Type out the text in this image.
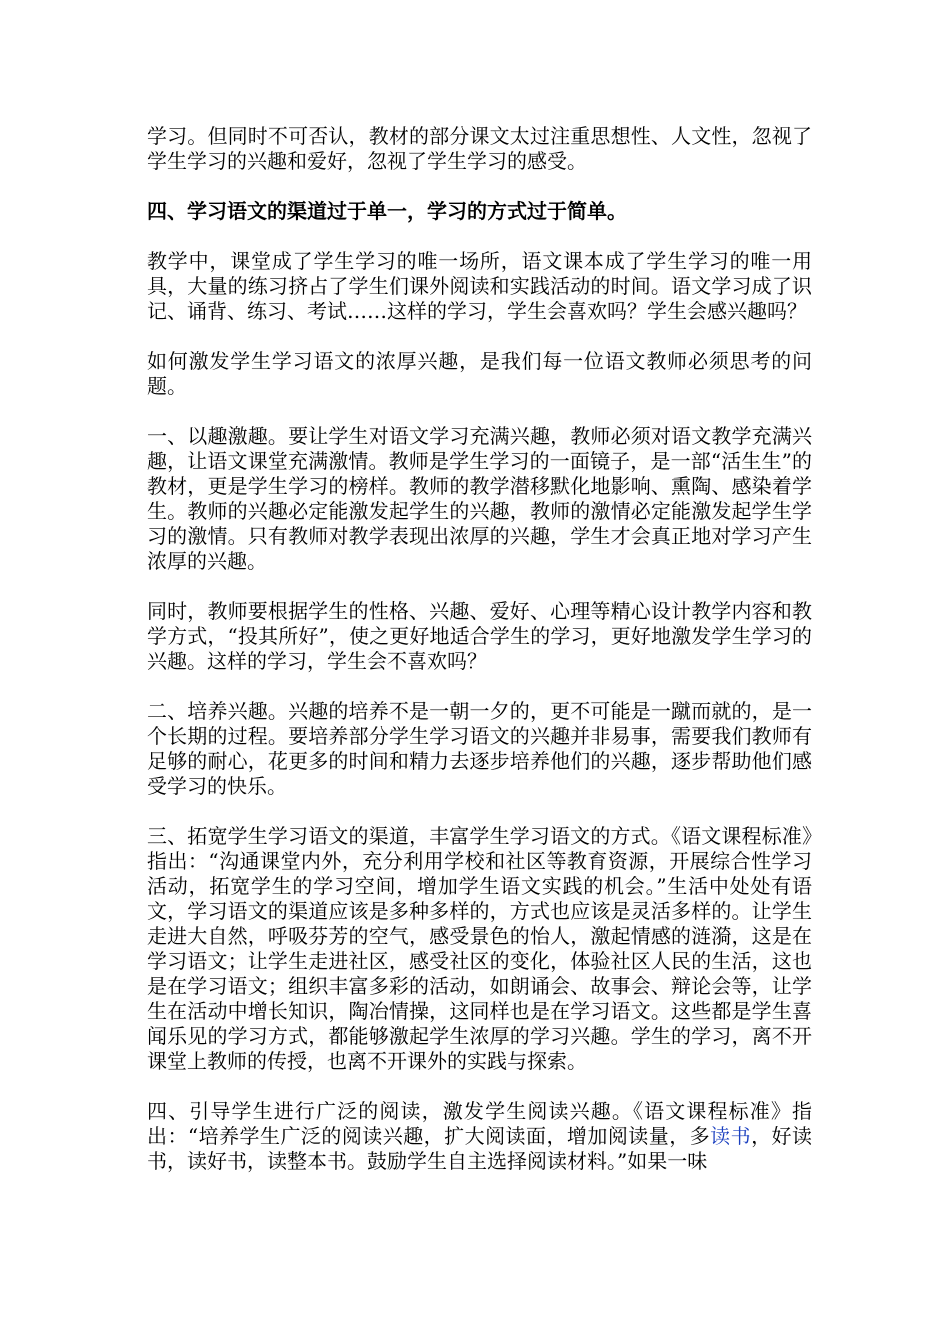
学习。但同时不可否认，教材的部分课文太过注重思想性、人文性，忽视了学生学习的兴趣和爱好，忽视了学生学习的感受。

四、学习语文的渠道过于单一，学习的方式过于简单。

教学中，课堂成了学生学习的唯一场所，语文课本成了学生学习的唯一用具，大量的练习挤占了学生们课外阅读和实践活动的时间。语文学习成了识记、诵背、练习、考试……这样的学习，学生会喜欢吗？学生会感兴趣吗？

如何激发学生学习语文的浓厚兴趣，是我们每一位语文教师必须思考的问题。

一、以趣激趣。要让学生对语文学习充满兴趣，教师必须对语文教学充满兴趣，让语文课堂充满激情。教师是学生学习的一面镜子，是一部“活生生”的教材，更是学生学习的榜样。教师的教学潜移默化地影响、熏陶、感染着学生。教师的兴趣必定能激发起学生的兴趣，教师的激情必定能激发起学生学习的激情。只有教师对教学表现出浓厚的兴趣，学生才会真正地对学习产生浓厚的兴趣。

同时，教师要根据学生的性格、兴趣、爱好、心理等精心设计教学内容和教学方式，“投其所好”，使之更好地适合学生的学习，更好地激发学生学习的兴趣。这样的学习，学生会不喜欢吗？

二、培养兴趣。兴趣的培养不是一朝一夕的，更不可能是一蹴而就的，是一个长期的过程。要培养部分学生学习语文的兴趣并非易事，需要我们教师有足够的耐心，花更多的时间和精力去逐步培养他们的兴趣，逐步帮助他们感受学习的快乐。

三、拓宽学生学习语文的渠道，丰富学生学习语文的方式。《语文课程标准》指出：“沟通课堂内外，充分利用学校和社区等教育资源，开展综合性学习活动，拓宽学生的学习空间，增加学生语文实践的机会。”生活中处处有语文，学习语文的渠道应该是多种多样的，方式也应该是灵活多样的。让学生走进大自然，呼吸芬芳的空气，感受景色的怡人，激起情感的涟漪，这是在学习语文；让学生走进社区，感受社区的变化，体验社区人民的生活，这也是在学习语文；组织丰富多彩的活动，如朗诵会、故事会、辩论会等，让学生在活动中增长知识，陶冶情操，这同样也是在学习语文。这些都是学生喜闻乐见的学习方式，都能够激起学生浓厚的学习兴趣。学生的学习，离不开课堂上教师的传授，也离不开课外的实践与探索。

四、引导学生进行广泛的阅读，激发学生阅读兴趣。《语文课程标准》指出：“培养学生广泛的阅读兴趣，扩大阅读面，增加阅读量，多读书，好读书，读好书，读整本书。鼓励学生自主选择阅读材料。”如果一味
